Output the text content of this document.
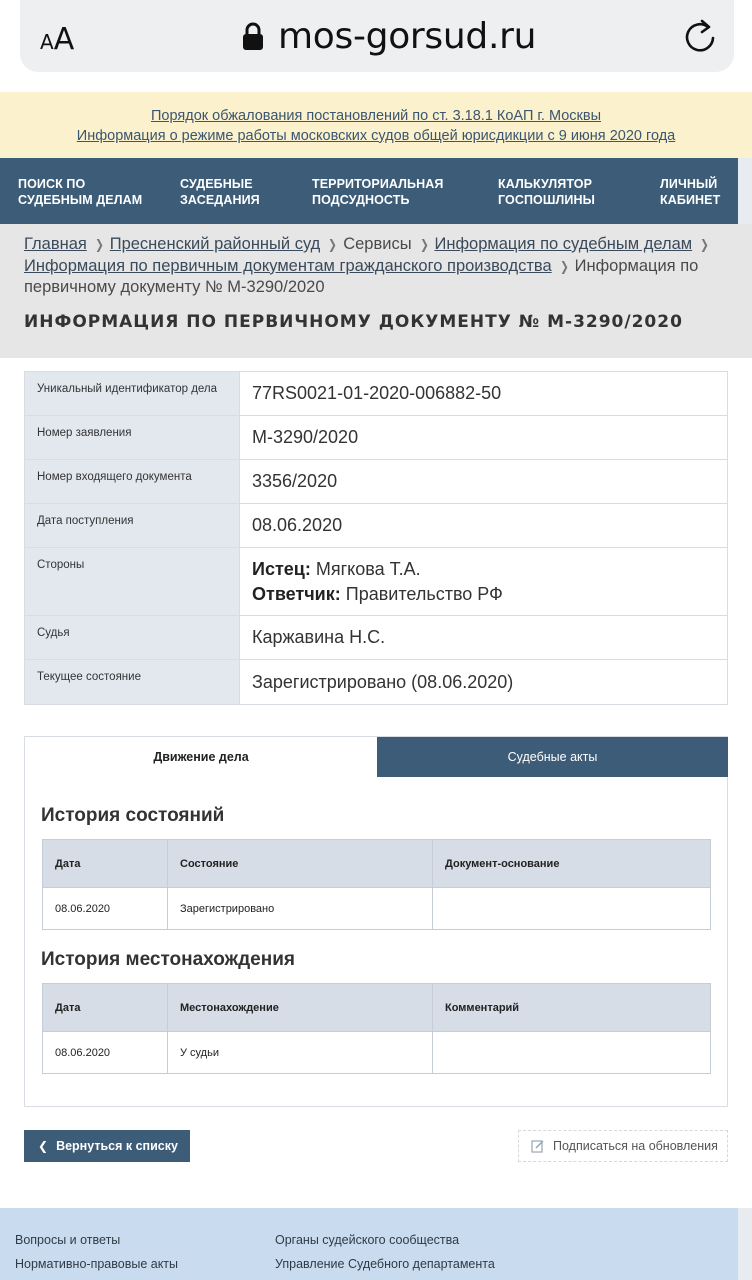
AA	mos-gorsud.ru
Порядок обжалования постановлений по ст. 3.18.1 КоАП г. Москвы
Информация о режиме работы московских судов общей юрисдикции с 9 июня 2020 года
ПОИСК ПО
СУДЕБНЫМ ДЕЛАМ
СУДЕБНЫЕ
ЗАСЕДАНИЯ
ТЕРРИТОРИАЛЬНАЯ
ПОДСУДНОСТЬ
КАЛЬКУЛЯТОР
ГОСПОШЛИНЫ
ЛИЧНЫЙ
КАБИНЕТ
Главная ❯ Пресненский районный суд ❯ Сервисы ❯ Информация по судебным делам ❯Информация по первичным документам гражданского производства ❯ Информация по первичному документу № М-3290/2020
ИНФОРМАЦИЯ ПО ПЕРВИЧНОМУ ДОКУМЕНТУ № М-3290/2020
Уникальный идентификатор дела	77RS0021-01-2020-006882-50
Номер заявления	М-3290/2020
Номер входящего документа	3356/2020
Дата поступления	08.06.2020
Стороны	Истец: Мягкова Т.А.
Ответчик: Правительство РФ
Судья	Каржавина Н.С.
Текущее состояние	Зарегистрировано (08.06.2020)
Движение дела	Судебные акты
История состояний
Дата	Состояние	Документ-основание
08.06.2020	Зарегистрировано	
История местонахождения
Дата	Местонахождение	Комментарий
08.06.2020	У судьи	
❮ Вернуться к списку	Подписаться на обновления
Вопросы и ответы
Нормативно-правовые акты
Органы судейского сообщества
Управление Судебного департамента
